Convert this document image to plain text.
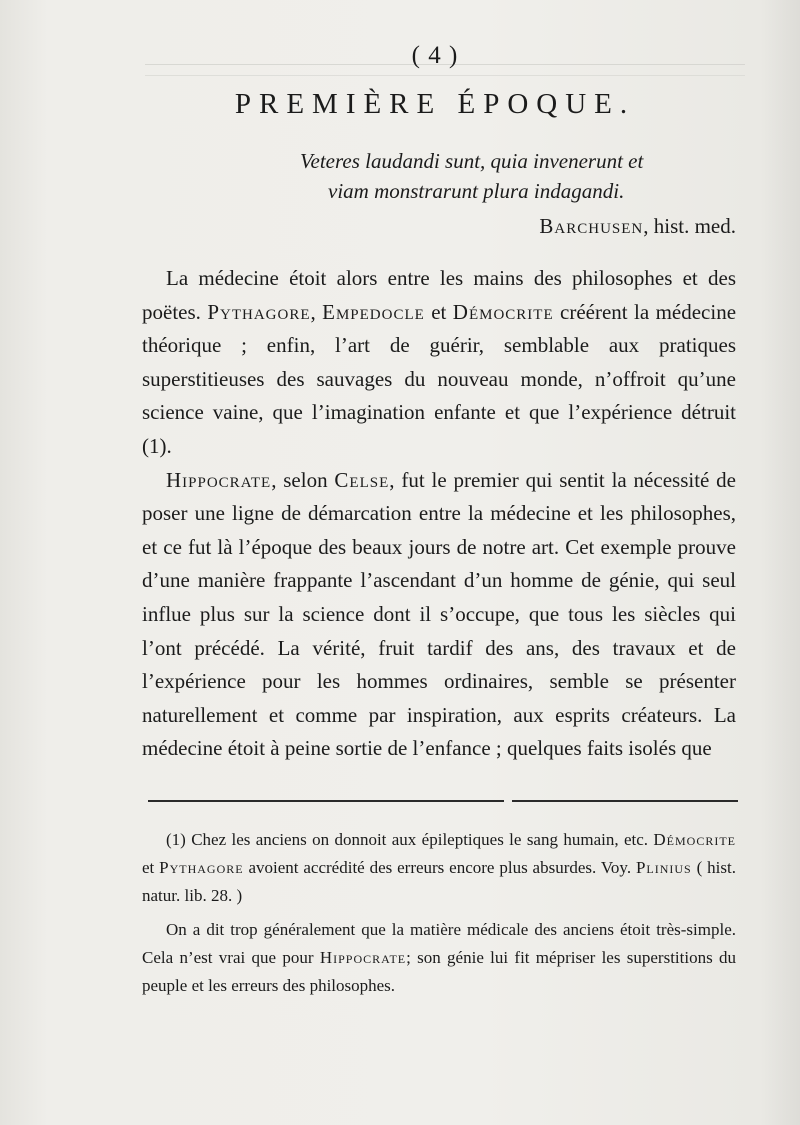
( 4 )
PREMIÈRE ÉPOQUE.
Veteres laudandi sunt, quia invenerunt et
viam monstrarunt plura indagandi.
Barchusen, hist. med.

La médecine étoit alors entre les mains des philosophes et des poëtes. Pythagore, Empedocle et Démocrite créérent la médecine théorique ; enfin, l’art de guérir, semblable aux pratiques superstitieuses des sauvages du nouveau monde, n’offroit qu’une science vaine, que l’imagination enfante et que l’expérience détruit (1).

Hippocrate, selon Celse, fut le premier qui sentit la nécessité de poser une ligne de démarcation entre la médecine et les philosophes, et ce fut là l’époque des beaux jours de notre art. Cet exemple prouve d’une manière frappante l’ascendant d’un homme de génie, qui seul influe plus sur la science dont il s’occupe, que tous les siècles qui l’ont précédé. La vérité, fruit tardif des ans, des travaux et de l’expérience pour les hommes ordinaires, semble se présenter naturellement et comme par inspiration, aux esprits créateurs. La médecine étoit à peine sortie de l’enfance ; quelques faits isolés que

(1) Chez les anciens on donnoit aux épileptiques le sang humain, etc. Démocrite et Pythagore avoient accrédité des erreurs encore plus absurdes. Voy. Plinius ( hist. natur. lib. 28. )

On a dit trop généralement que la matière médicale des anciens étoit très-simple. Cela n’est vrai que pour Hippocrate; son génie lui fit mépriser les superstitions du peuple et les erreurs des philosophes.
